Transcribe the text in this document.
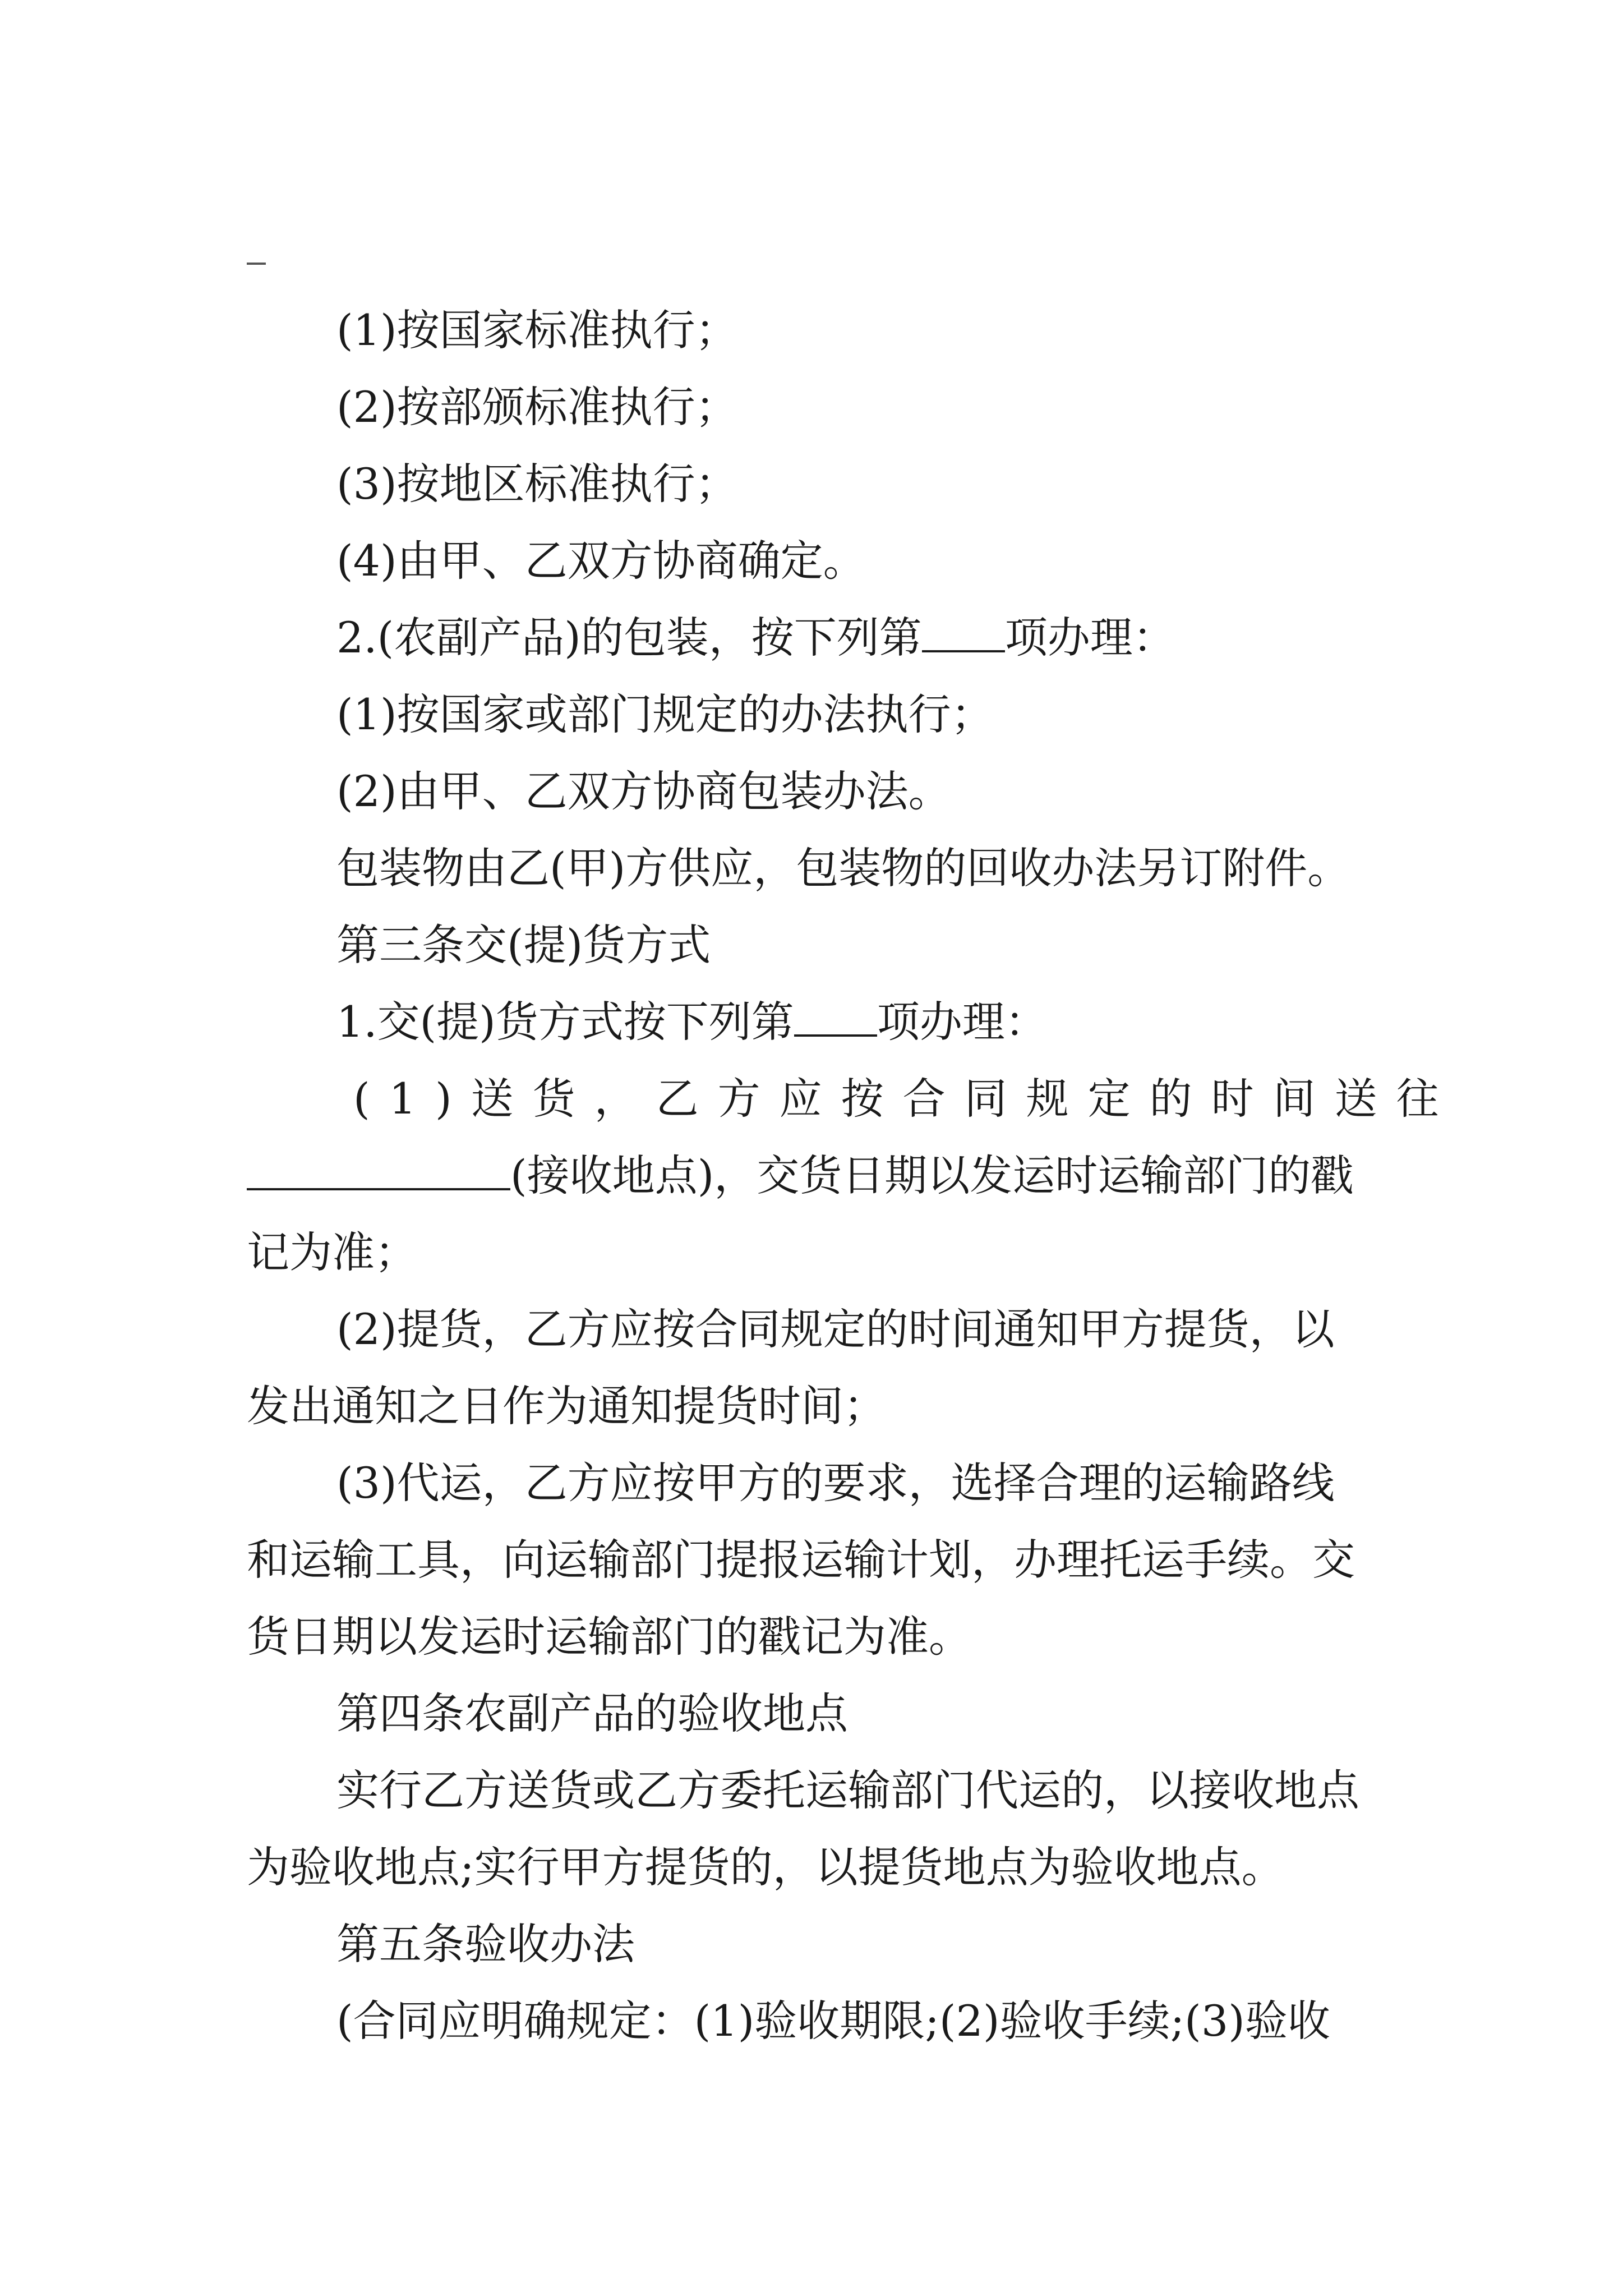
(1)按国家标准执行；

(2)按部颁标准执行；

(3)按地区标准执行；

(4)由甲、乙双方协商确定。

2.(农副产品)的包装，按下列第 项办理：

(1)按国家或部门规定的办法执行；

(2)由甲、乙双方协商包装办法。

包装物由乙(甲)方供应，包装物的回收办法另订附件。

第三条交(提)货方式

1.交(提)货方式按下列第 项办理：

(1)送货，乙方应按合同规定的时间送往

(接收地点)，交货日期以发运时运输部门的戳

记为准；

(2)提货，乙方应按合同规定的时间通知甲方提货，以

发出通知之日作为通知提货时间；

(3)代运，乙方应按甲方的要求，选择合理的运输路线

和运输工具，向运输部门提报运输计划，办理托运手续。交

货日期以发运时运输部门的戳记为准。

第四条农副产品的验收地点

实行乙方送货或乙方委托运输部门代运的，以接收地点

为验收地点;实行甲方提货的，以提货地点为验收地点。

第五条验收办法

(合同应明确规定：(1)验收期限;(2)验收手续;(3)验收
